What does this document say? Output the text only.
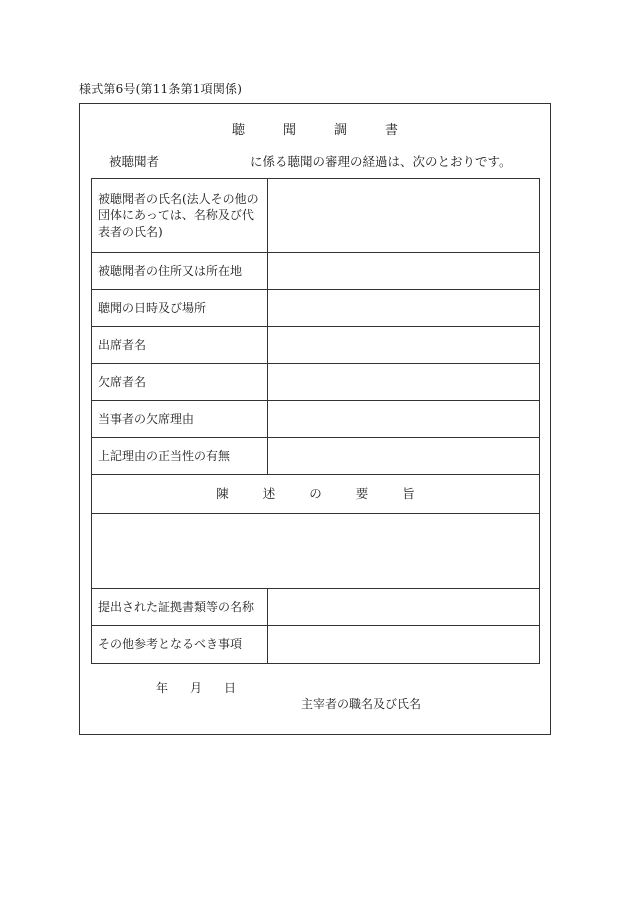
様式第6号(第11条第1項関係)
聴	聞	調	書
被聴聞者	に係る聴聞の審理の経過は、次のとおりです。
被聴聞者の氏名(法人その他の団体にあっては、名称及び代表者の氏名)	
被聴聞者の住所又は所在地	
聴聞の日時及び場所	
出席者名	
欠席者名	
当事者の欠席理由	
上記理由の正当性の有無	
陳 述 の 要 旨	

提出された証拠書類等の名称	
その他参考となるべき事項	
年 月 日
主宰者の職名及び氏名
